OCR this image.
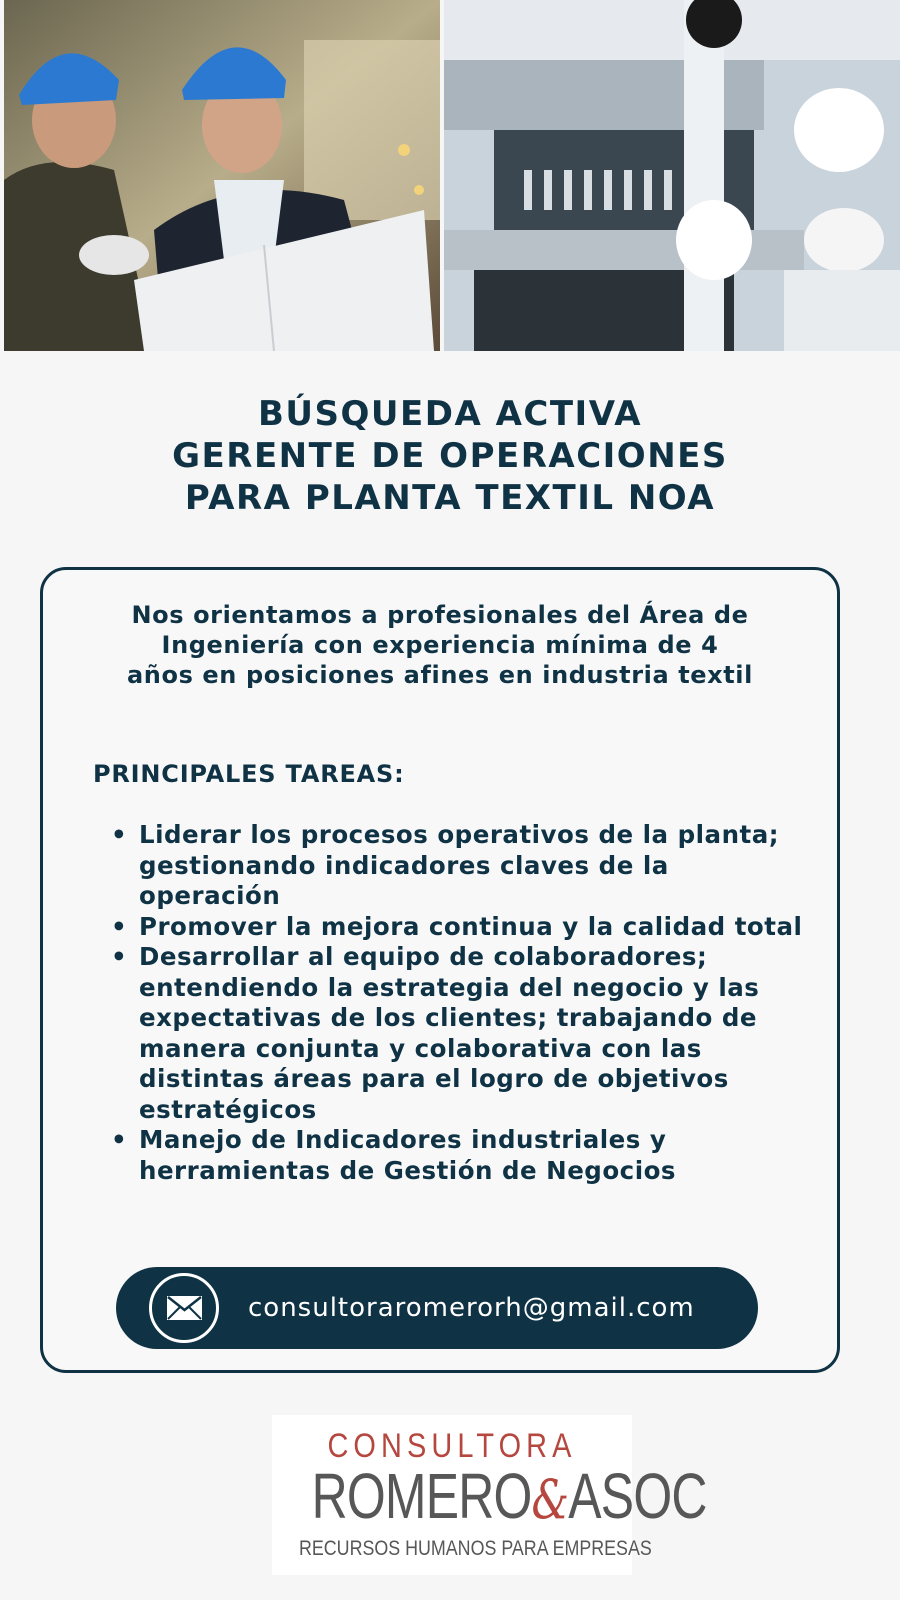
BÚSQUEDA ACTIVA
GERENTE DE OPERACIONES
PARA PLANTA TEXTIL NOA
Nos orientamos a profesionales del Área de
Ingeniería con experiencia mínima de 4
años en posiciones afines en industria textil
PRINCIPALES TAREAS:
• Liderar los procesos operativos de la planta; gestionando indicadores claves de la operación
• Promover la mejora continua y la calidad total
• Desarrollar al equipo de colaboradores; entendiendo la estrategia del negocio y las expectativas de los clientes; trabajando de manera conjunta y colaborativa con las distintas áreas para el logro de objetivos estratégicos
• Manejo de Indicadores industriales y herramientas de Gestión de Negocios
consultoraromerorh@gmail.com
CONSULTORA
ROMERO&ASOC
RECURSOS HUMANOS PARA EMPRESAS
